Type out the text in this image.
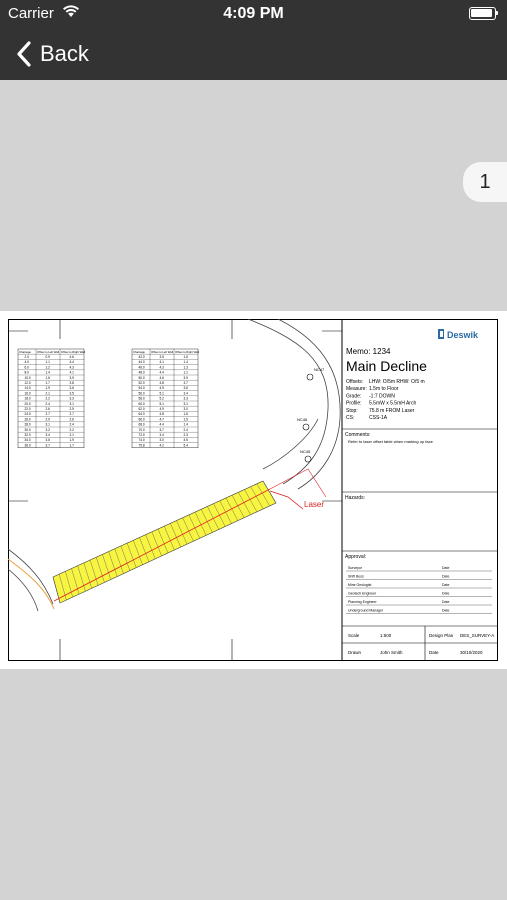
Carrier	4:09 PM
Back
1
NC47
NC46
NC45
Laser
Chainage Offset to Left Wall Offset to Right Wall
2.0	0.9	4.6
4.0	1.1	4.4
6.0	1.2	4.3
8.0	1.4	4.1
10.0	1.6	3.9
12.0	1.7	3.8
14.0	1.9	3.6
16.0	2.1	3.5
18.0	2.2	3.3
20.0	2.4	3.1
22.0	2.6	2.9
24.0	2.7	2.7
26.0	2.9	2.6
28.0	3.1	2.4
30.0	3.2	2.2
32.0	3.4	2.1
34.0	3.6	1.9
36.0	3.7	1.7
Chainage Offset to Left Wall Offset to Right Wall
42.0	3.9	1.6
44.0	4.1	1.4
46.0	4.3	1.3
48.0	4.4	1.1
50.0	4.6	3.9
52.0	4.8	3.7
54.0	4.9	3.6
56.0	5.1	3.4
58.0	5.2	3.3
60.0	5.1	3.1
62.0	4.9	3.0
64.0	4.8	1.6
66.0	4.7	1.5
68.0	4.4	1.4
70.0	3.7	2.4
72.0	3.4	2.3
74.0	3.0	4.5
75.8	4.2	5.4
Deswik
Memo: 1234
Main Decline
Offsets: LHW: O/5m RHW: O/5 m
Measure: 1.5m to Floor
Grade: -1:7 DOWN
Profile: 5.5mW x 5.5mH Arch
Stop: 75.8 m FROM Laser
CS:	CSS-1A
Comments:
Refer to laser offset table when marking up face
Hazards:
Approval:
Surveyor	Date
Shift Boss	Date
Mine Geologist	Date
Geotech Engineer	Date
Planning Engineer	Date
Underground Manager	Date
Scale	1:500	Design Plan DES_SURVEY-A
Drawn	John Smith	Date	30/10/2020
